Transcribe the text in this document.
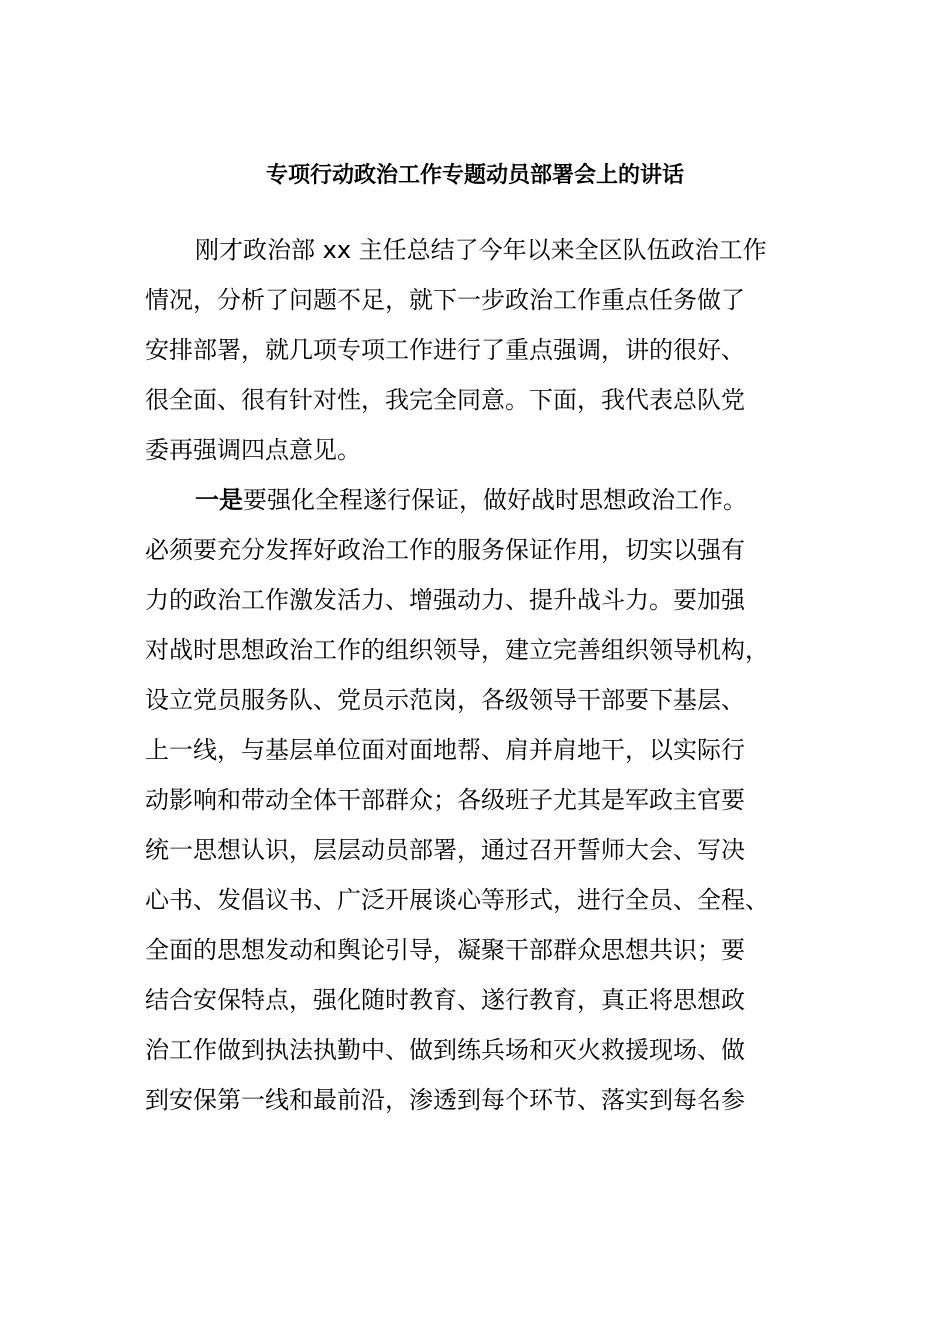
专项行动政治工作专题动员部署会上的讲话
刚才政治部 xx 主任总结了今年以来全区队伍政治工作
情况，分析了问题不足，就下一步政治工作重点任务做了
安排部署，就几项专项工作进行了重点强调，讲的很好、
很全面、很有针对性，我完全同意。下面，我代表总队党
委再强调四点意见。
一是要强化全程遂行保证，做好战时思想政治工作。
必须要充分发挥好政治工作的服务保证作用，切实以强有
力的政治工作激发活力、增强动力、提升战斗力。要加强
对战时思想政治工作的组织领导，建立完善组织领导机构，
设立党员服务队、党员示范岗，各级领导干部要下基层、
上一线，与基层单位面对面地帮、肩并肩地干，以实际行
动影响和带动全体干部群众；各级班子尤其是军政主官要
统一思想认识，层层动员部署，通过召开誓师大会、写决
心书、发倡议书、广泛开展谈心等形式，进行全员、全程、
全面的思想发动和舆论引导，凝聚干部群众思想共识；要
结合安保特点，强化随时教育、遂行教育，真正将思想政
治工作做到执法执勤中、做到练兵场和灭火救援现场、做
到安保第一线和最前沿，渗透到每个环节、落实到每名参
